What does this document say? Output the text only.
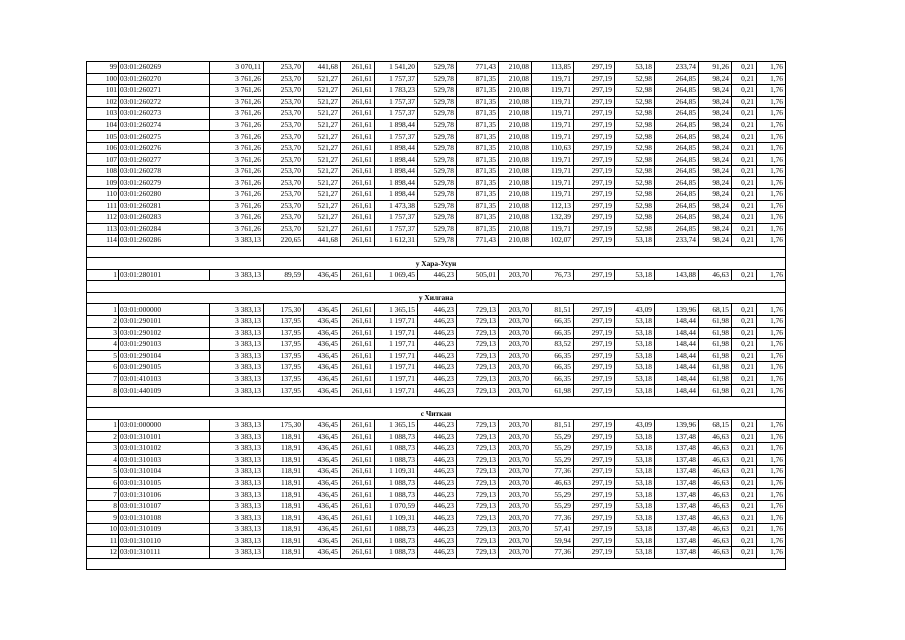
99	03:01:260269	3 070,11	253,70	441,68	261,61	1 541,20	529,78	771,43	210,08	113,85	297,19	53,18	233,74	91,26	0,21	1,76
100	03:01:260270	3 761,26	253,70	521,27	261,61	1 757,37	529,78	871,35	210,08	119,71	297,19	52,98	264,85	98,24	0,21	1,76
101	03:01:260271	3 761,26	253,70	521,27	261,61	1 783,23	529,78	871,35	210,08	119,71	297,19	52,98	264,85	98,24	0,21	1,76
102	03:01:260272	3 761,26	253,70	521,27	261,61	1 757,37	529,78	871,35	210,08	119,71	297,19	52,98	264,85	98,24	0,21	1,76
103	03:01:260273	3 761,26	253,70	521,27	261,61	1 757,37	529,78	871,35	210,08	119,71	297,19	52,98	264,85	98,24	0,21	1,76
104	03:01:260274	3 761,26	253,70	521,27	261,61	1 898,44	529,78	871,35	210,08	119,71	297,19	52,98	264,85	98,24	0,21	1,76
105	03:01:260275	3 761,26	253,70	521,27	261,61	1 757,37	529,78	871,35	210,08	119,71	297,19	52,98	264,85	98,24	0,21	1,76
106	03:01:260276	3 761,26	253,70	521,27	261,61	1 898,44	529,78	871,35	210,08	110,63	297,19	52,98	264,85	98,24	0,21	1,76
107	03:01:260277	3 761,26	253,70	521,27	261,61	1 898,44	529,78	871,35	210,08	119,71	297,19	52,98	264,85	98,24	0,21	1,76
108	03:01:260278	3 761,26	253,70	521,27	261,61	1 898,44	529,78	871,35	210,08	119,71	297,19	52,98	264,85	98,24	0,21	1,76
109	03:01:260279	3 761,26	253,70	521,27	261,61	1 898,44	529,78	871,35	210,08	119,71	297,19	52,98	264,85	98,24	0,21	1,76
110	03:01:260280	3 761,26	253,70	521,27	261,61	1 898,44	529,78	871,35	210,08	119,71	297,19	52,98	264,85	98,24	0,21	1,76
111	03:01:260281	3 761,26	253,70	521,27	261,61	1 473,38	529,78	871,35	210,08	112,13	297,19	52,98	264,85	98,24	0,21	1,76
112	03:01:260283	3 761,26	253,70	521,27	261,61	1 757,37	529,78	871,35	210,08	132,39	297,19	52,98	264,85	98,24	0,21	1,76
113	03:01:260284	3 761,26	253,70	521,27	261,61	1 757,37	529,78	871,35	210,08	119,71	297,19	52,98	264,85	98,24	0,21	1,76
114	03:01:260286	3 383,13	220,65	441,68	261,61	1 612,31	529,78	771,43	210,08	102,07	297,19	53,18	233,74	98,24	0,21	1,76

у Хара-Усун																
1	03:01:280101	3 383,13	89,59	436,45	261,61	1 069,45	446,23	505,01	203,70	76,73	297,19	53,18	143,88	46,63	0,21	1,76

у Хилгана																
1	03:01:000000	3 383,13	175,30	436,45	261,61	1 365,15	446,23	729,13	203,70	81,51	297,19	43,09	139,96	68,15	0,21	1,76
2	03:01:290101	3 383,13	137,95	436,45	261,61	1 197,71	446,23	729,13	203,70	66,35	297,19	53,18	148,44	61,98	0,21	1,76
3	03:01:290102	3 383,13	137,95	436,45	261,61	1 197,71	446,23	729,13	203,70	66,35	297,19	53,18	148,44	61,98	0,21	1,76
4	03:01:290103	3 383,13	137,95	436,45	261,61	1 197,71	446,23	729,13	203,70	83,52	297,19	53,18	148,44	61,98	0,21	1,76
5	03:01:290104	3 383,13	137,95	436,45	261,61	1 197,71	446,23	729,13	203,70	66,35	297,19	53,18	148,44	61,98	0,21	1,76
6	03:01:290105	3 383,13	137,95	436,45	261,61	1 197,71	446,23	729,13	203,70	66,35	297,19	53,18	148,44	61,98	0,21	1,76
7	03:01:410103	3 383,13	137,95	436,45	261,61	1 197,71	446,23	729,13	203,70	66,35	297,19	53,18	148,44	61,98	0,21	1,76
8	03:01:440109	3 383,13	137,95	436,45	261,61	1 197,71	446,23	729,13	203,70	61,98	297,19	53,18	148,44	61,98	0,21	1,76

с Читкан																
1	03:01:000000	3 383,13	175,30	436,45	261,61	1 365,15	446,23	729,13	203,70	81,51	297,19	43,09	139,96	68,15	0,21	1,76
2	03:01:310101	3 383,13	118,91	436,45	261,61	1 088,73	446,23	729,13	203,70	55,29	297,19	53,18	137,48	46,63	0,21	1,76
3	03:01:310102	3 383,13	118,91	436,45	261,61	1 088,73	446,23	729,13	203,70	55,29	297,19	53,18	137,48	46,63	0,21	1,76
4	03:01:310103	3 383,13	118,91	436,45	261,61	1 088,73	446,23	729,13	203,70	55,29	297,19	53,18	137,48	46,63	0,21	1,76
5	03:01:310104	3 383,13	118,91	436,45	261,61	1 109,31	446,23	729,13	203,70	77,36	297,19	53,18	137,48	46,63	0,21	1,76
6	03:01:310105	3 383,13	118,91	436,45	261,61	1 088,73	446,23	729,13	203,70	46,63	297,19	53,18	137,48	46,63	0,21	1,76
7	03:01:310106	3 383,13	118,91	436,45	261,61	1 088,73	446,23	729,13	203,70	55,29	297,19	53,18	137,48	46,63	0,21	1,76
8	03:01:310107	3 383,13	118,91	436,45	261,61	1 070,59	446,23	729,13	203,70	55,29	297,19	53,18	137,48	46,63	0,21	1,76
9	03:01:310108	3 383,13	118,91	436,45	261,61	1 109,31	446,23	729,13	203,70	77,36	297,19	53,18	137,48	46,63	0,21	1,76
10	03:01:310109	3 383,13	118,91	436,45	261,61	1 088,73	446,23	729,13	203,70	57,41	297,19	53,18	137,48	46,63	0,21	1,76
11	03:01:310110	3 383,13	118,91	436,45	261,61	1 088,73	446,23	729,13	203,70	59,94	297,19	53,18	137,48	46,63	0,21	1,76
12	03:01:310111	3 383,13	118,91	436,45	261,61	1 088,73	446,23	729,13	203,70	77,36	297,19	53,18	137,48	46,63	0,21	1,76
